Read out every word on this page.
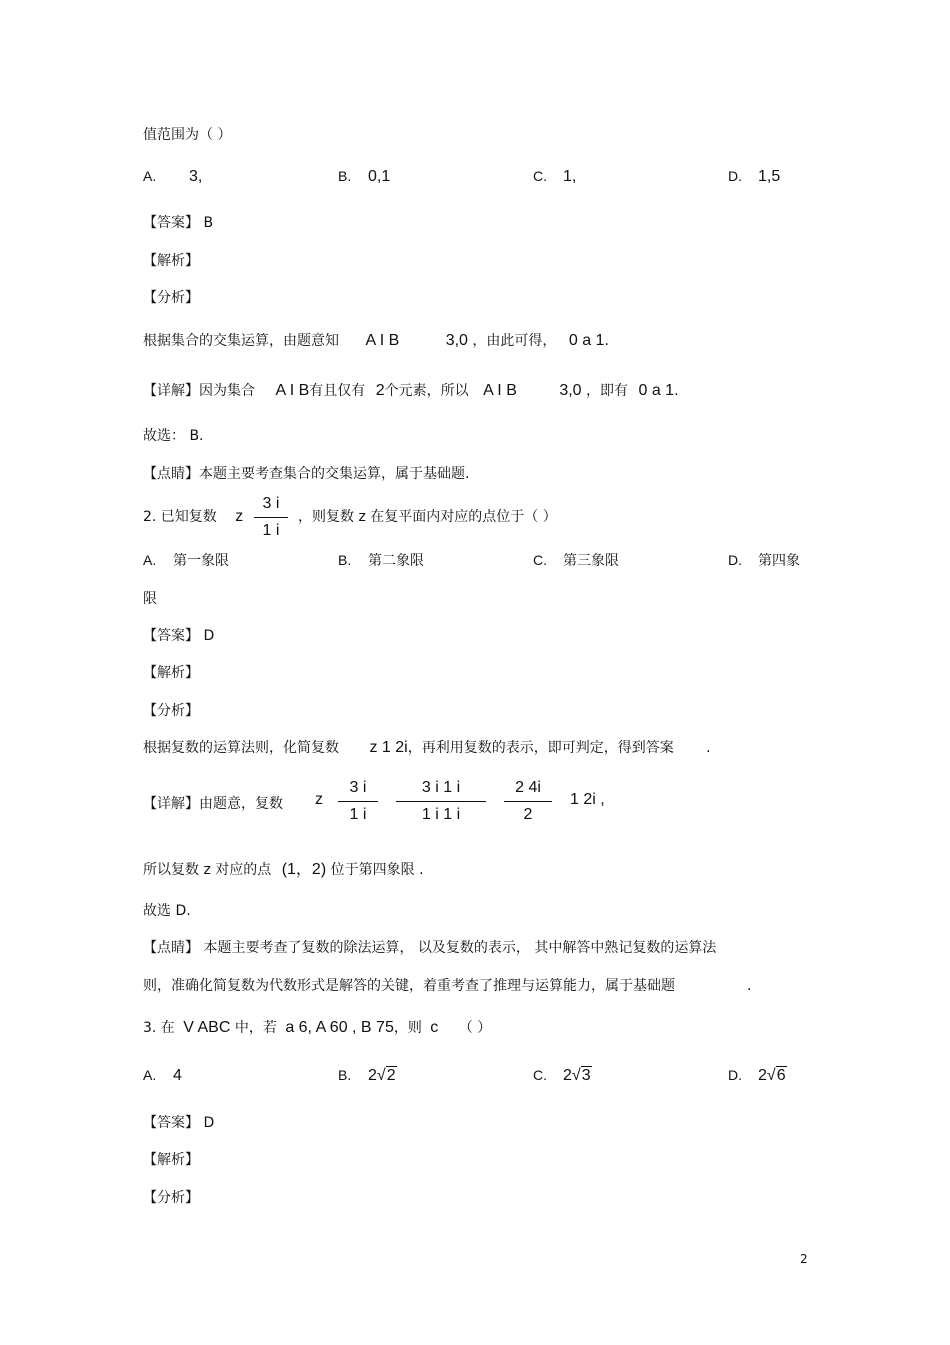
值范围为（ ）
A. 3,	B. 0,1	C. 1,	D. 1,5
【答案】 B
【解析】
【分析】
根据集合的交集运算，由题意知 A I B	3,0 ，由此可得， 0 a 1.
【详解】因为集合 A I B有且仅有 2个元素，所以 A I B	3,0 ，即有 0 a 1.
故选： B.
【点睛】本题主要考查集合的交集运算，属于基础题.
2. 已知复数 z
3 i
1 i
，则复数 z 在复平面内对应的点位于（ ）
A. 第一象限	B. 第二象限	C. 第三象限	D. 第四象
限
【答案】 D
【解析】
【分析】
根据复数的运算法则，化简复数 z 1 2i，再利用复数的表示，即可判定，得到答案 .
【详解】由题意，复数 z
3 i
1 i
3 i 1 i
1 i 1 i
2 4i
2
1 2i ,
所以复数 z 对应的点 (1，2) 位于第四象限 .
故选 D.
【点睛】 本题主要考查了复数的除法运算， 以及复数的表示， 其中解答中熟记复数的运算法
则，准确化简复数为代数形式是解答的关键，着重考查了推理与运算能力，属于基础题	.
3. 在 V ABC 中，若 a 6, A 60 , B 75，则 c （ ）
A. 4	B. 2√2	C. 2√3	D. 2√6
【答案】 D
【解析】
【分析】
2
